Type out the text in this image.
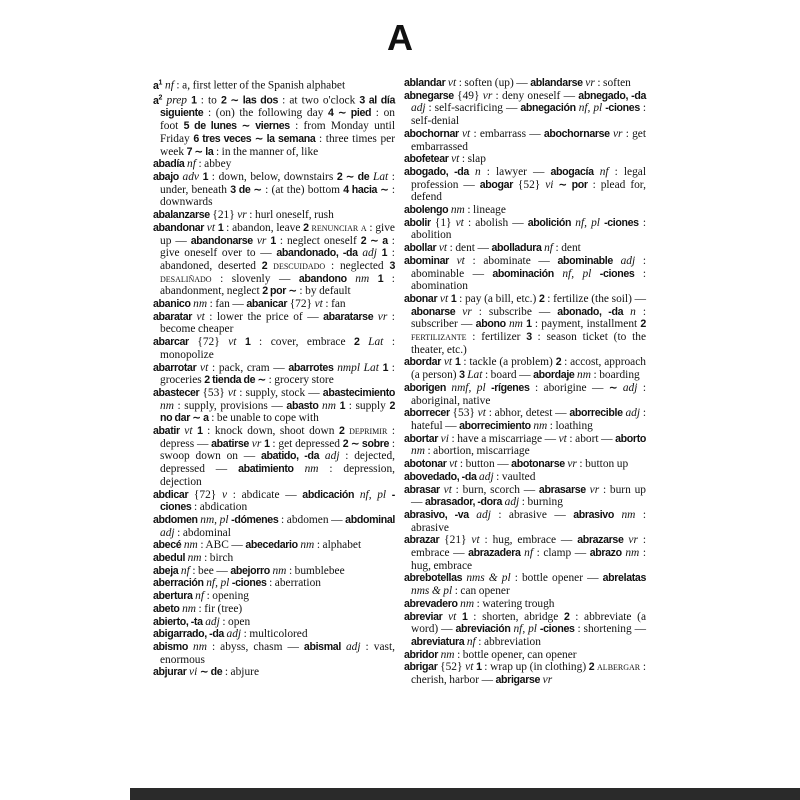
A

$a^1$ nf : a, first letter of the Spanish alphabet

$a^2$ prep 1 : to 2 ∼ las dos : at two o'clock 3 al día siguiente : (on) the following day 4 ∼ pied : on foot 5 de lunes ∼ viernes : from Monday until Friday 6 tres veces ∼ la semana : three times per week 7 ∼ la : in the manner of, like

abadía nf : abbey

abajo adv 1 : down, below, downstairs 2 ∼ de Lat : under, beneath 3 de ∼ : (at the) bottom 4 hacia ∼ : downwards

abalanzarse {21} vr : hurl oneself, rush

abandonar vt 1 : abandon, leave 2 renunciar a : give up — abandonarse vr 1 : neglect oneself 2 ∼ a : give oneself over to — abandonado, -da adj 1 : abandoned, deserted 2 descuidado : neglected 3 desaliñado : slovenly — abandono nm 1 : abandonment, neglect 2 por ∼ : by default

abanico nm : fan — abanicar {72} vt : fan

abaratar vt : lower the price of — abaratarse vr : become cheaper

abarcar {72} vt 1 : cover, embrace 2 Lat : monopolize

abarrotar vt : pack, cram — abarrotes nmpl Lat 1 : groceries 2 tienda de ∼ : grocery store

abastecer {53} vt : supply, stock — abastecimiento nm : supply, provisions — abasto nm 1 : supply 2 no dar ∼ a : be unable to cope with

abatir vt 1 : knock down, shoot down 2 deprimir : depress — abatirse vr 1 : get depressed 2 ∼ sobre : swoop down on — abatido, -da adj : dejected, depressed — abatimiento nm : depression, dejection

abdicar {72} v : abdicate — abdicación nf, pl -ciones : abdication

abdomen nm, pl -dómenes : abdomen — abdominal adj : abdominal

abecé nm : ABC — abecedario nm : alphabet

abedul nm : birch

abeja nf : bee — abejorro nm : bumblebee

aberración nf, pl -ciones : aberration

abertura nf : opening

abeto nm : fir (tree)

abierto, -ta adj : open

abigarrado, -da adj : multicolored

abismo nm : abyss, chasm — abismal adj : vast, enormous

abjurar vi ∼ de : abjure

ablandar vt : soften (up) — ablandarse vr : soften

abnegarse {49} vr : deny oneself — abnegado, -da adj : self-sacrificing — abnegación nf, pl -ciones : self-denial

abochornar vt : embarrass — abochornarse vr : get embarrassed

abofetear vt : slap

abogado, -da n : lawyer — abogacía nf : legal profession — abogar {52} vi ∼ por : plead for, defend

abolengo nm : lineage

abolir {1} vt : abolish — abolición nf, pl -ciones : abolition

abollar vt : dent — abolladura nf : dent

abominar vt : abominate — abominable adj : abominable — abominación nf, pl -ciones : abomination

abonar vt 1 : pay (a bill, etc.) 2 : fertilize (the soil) — abonarse vr : subscribe — abonado, -da n : subscriber — abono nm 1 : payment, installment 2 fertilizante : fertilizer 3 : season ticket (to the theater, etc.)

abordar vt 1 : tackle (a problem) 2 : accost, approach (a person) 3 Lat : board — abordaje nm : boarding

aborigen nmf, pl -rígenes : aborigine — ∼ adj : aboriginal, native

aborrecer {53} vt : abhor, detest — aborrecible adj : hateful — aborrecimiento nm : loathing

abortar vi : have a miscarriage — vt : abort — aborto nm : abortion, miscarriage

abotonar vt : button — abotonarse vr : button up

abovedado, -da adj : vaulted

abrasar vt : burn, scorch — abrasarse vr : burn up — abrasador, -dora adj : burning

abrasivo, -va adj : abrasive — abrasivo nm : abrasive

abrazar {21} vt : hug, embrace — abrazarse vr : embrace — abrazadera nf : clamp — abrazo nm : hug, embrace

abrebotellas nms & pl : bottle opener — abrelatas nms & pl : can opener

abrevadero nm : watering trough

abreviar vt 1 : shorten, abridge 2 : abbreviate (a word) — abreviación nf, pl -ciones : shortening — abreviatura nf : abbreviation

abridor nm : bottle opener, can opener

abrigar {52} vt 1 : wrap up (in clothing) 2 albergar : cherish, harbor — abrigarse vr
